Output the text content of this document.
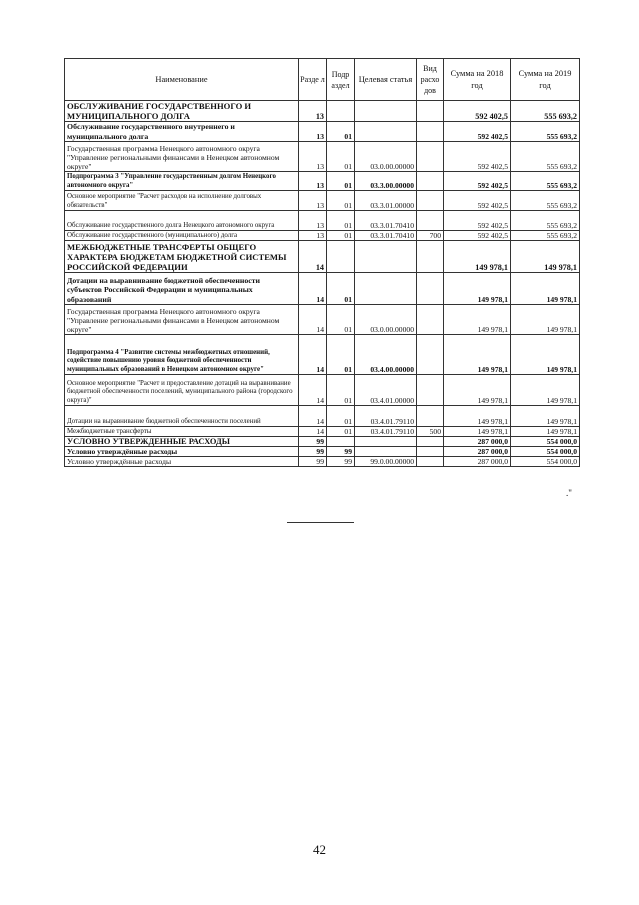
Наименование	Разде л	Подр аздел	Целевая статья	Вид расхо дов	Сумма на 2018 год	Сумма на 2019 год
ОБСЛУЖИВАНИЕ ГОСУДАРСТВЕННОГО И МУНИЦИПАЛЬНОГО ДОЛГА	13				592 402,5	555 693,2
Обслуживание государственного внутреннего и муниципального долга	13	01			592 402,5	555 693,2
Государственная программа Ненецкого автономного округа "Управление региональными финансами в Ненецком автономном округе"	13	01	03.0.00.00000		592 402,5	555 693,2
Подпрограмма 3 "Управление государственным долгом Ненецкого автономного округа"	13	01	03.3.00.00000		592 402,5	555 693,2
Основное мероприятие "Расчет расходов на исполнение долговых обязательств"	13	01	03.3.01.00000		592 402,5	555 693,2
Обслуживание государственного долга Ненецкого автономного округа	13	01	03.3.01.70410		592 402,5	555 693,2
Обслуживание государственного (муниципального) долга	13	01	03.3.01.70410	700	592 402,5	555 693,2
МЕЖБЮДЖЕТНЫЕ ТРАНСФЕРТЫ ОБЩЕГО ХАРАКТЕРА БЮДЖЕТАМ БЮДЖЕТНОЙ СИСТЕМЫ РОССИЙСКОЙ ФЕДЕРАЦИИ	14				149 978,1	149 978,1
Дотации на выравнивание бюджетной обеспеченности субъектов Российской Федерации и муниципальных образований	14	01			149 978,1	149 978,1
Государственная программа Ненецкого автономного округа "Управление региональными финансами в Ненецком автономном округе"	14	01	03.0.00.00000		149 978,1	149 978,1
Подпрограмма 4 "Развитие системы межбюджетных отношений, содействие повышению уровня бюджетной обеспеченности муниципальных образований в Ненецком автономном округе"	14	01	03.4.00.00000		149 978,1	149 978,1
Основное мероприятие "Расчет и предоставление дотаций на выравнивание бюджетной обеспеченности поселений, муниципального района (городского округа)"	14	01	03.4.01.00000		149 978,1	149 978,1
Дотации на выравнивание бюджетной обеспеченности поселений	14	01	03.4.01.79110		149 978,1	149 978,1
Межбюджетные трансферты	14	01	03.4.01.79110	500	149 978,1	149 978,1
УСЛОВНО УТВЕРЖДЕННЫЕ РАСХОДЫ	99				287 000,0	554 000,0
Условно утверждённые расходы	99	99			287 000,0	554 000,0
Условно утверждённые расходы	99	99	99.0.00.00000		287 000,0	554 000,0
."
42
